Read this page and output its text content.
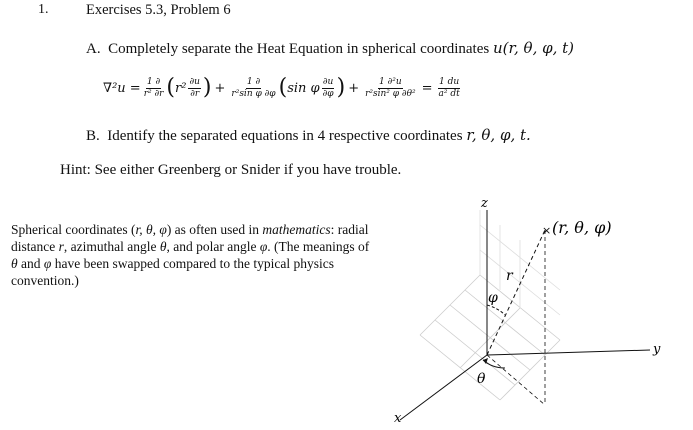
1.	Exercises 5.3, Problem 6
A. Completely separate the Heat Equation in spherical coordinates u(r, θ, φ, t)
$\nabla^2u = \frac{1 \partial}{\text{r² ∂r}}$ ( $r^2 \frac{\partial u}{\partial r}$ ) + $\frac{1 \partial}{\text{r²sin φ ∂φ}}$ ( sin φ $\frac{\partial u}{\partial\varphi}$ ) + $\frac{\text{1 ∂²u}}{\text{r²sin² φ ∂θ²}} = \frac{1 du}{\text{a² dt}}$
B. Identify the separated equations in 4 respective coordinates r, θ, φ, t.
Hint: See either Greenberg or Snider if you have trouble.
Spherical coordinates (r, θ, φ) as often used in mathematics: radial distance r, azimuthal angle θ, and polar angle φ. (The meanings of θ and φ have been swapped compared to the typical physics convention.)
z
x
y
φ
θ
r
× (r, θ, φ)
